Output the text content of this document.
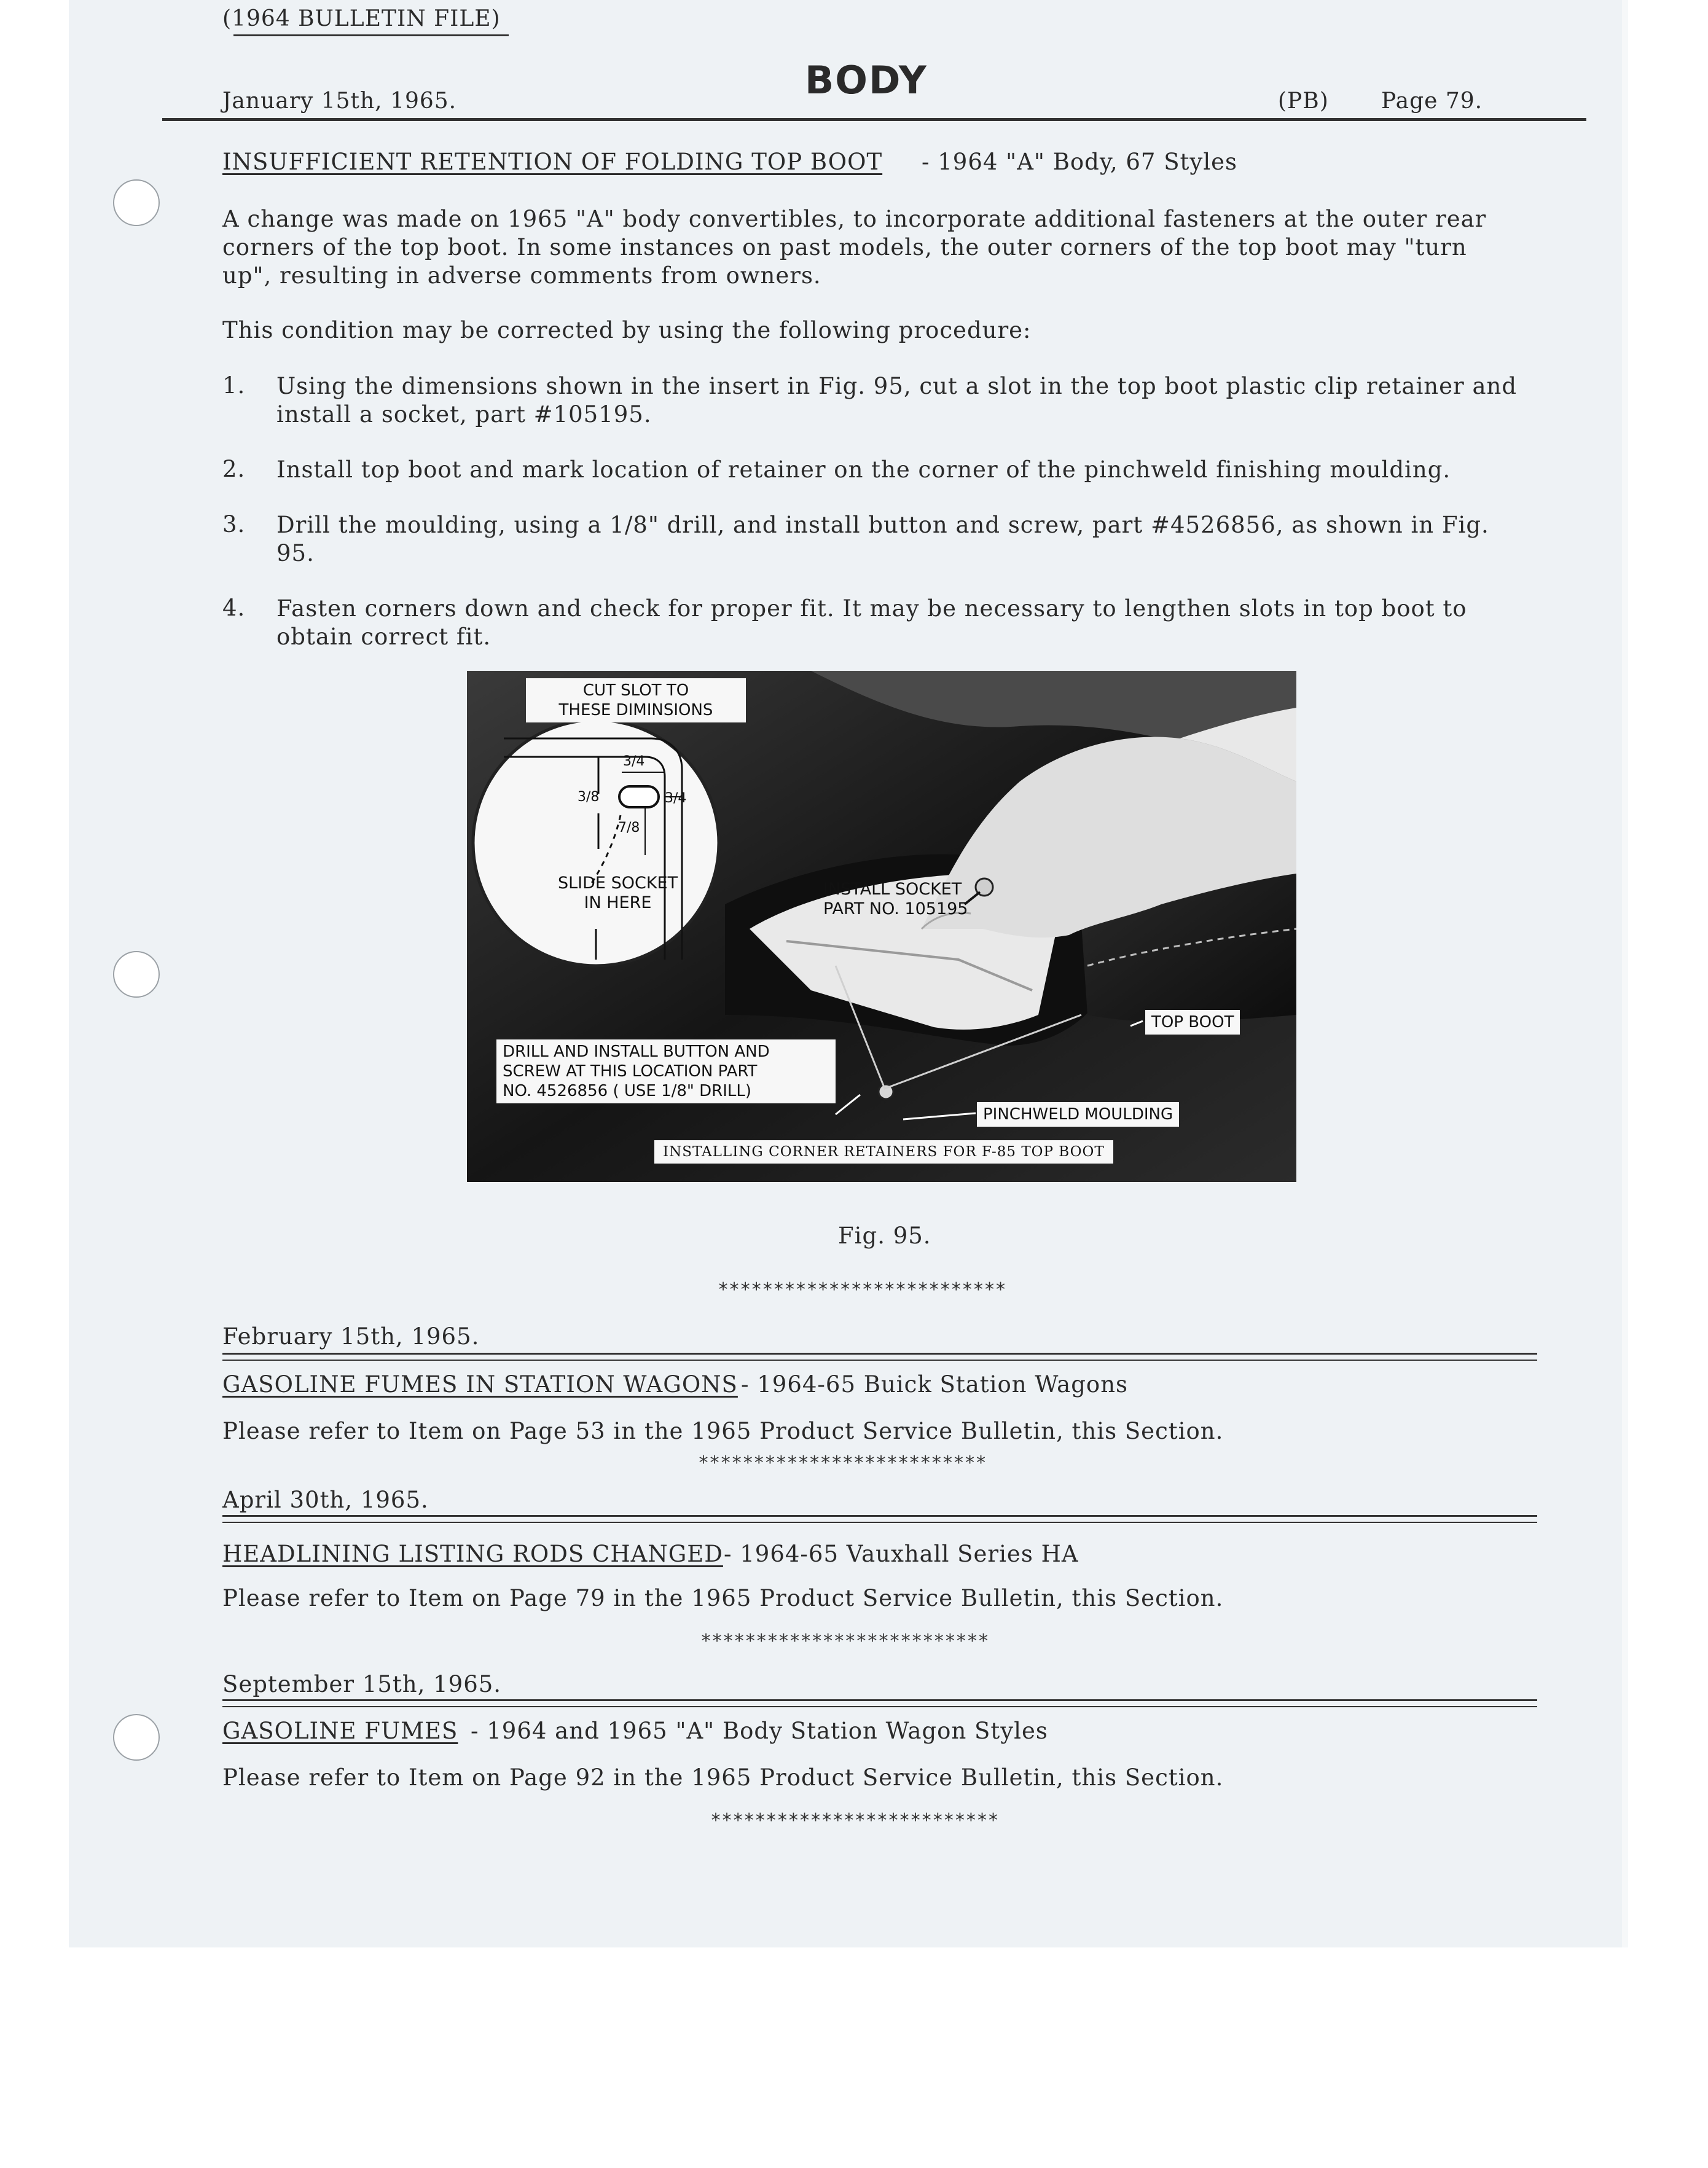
(1964 BULLETIN FILE)
January 15th, 1965.	BODY	(PB) Page 79.
INSUFFICIENT RETENTION OF FOLDING TOP BOOT - 1964 "A" Body, 67 Styles
A change was made on 1965 "A" body convertibles, to incorporate additional fasteners at the outer rear corners of the top boot. In some instances on past models, the outer corners of the top boot may "turn up", resulting in adverse comments from owners.
This condition may be corrected by using the following procedure:
1. Using the dimensions shown in the insert in Fig. 95, cut a slot in the top boot plastic clip retainer and install a socket, part #105195.
2. Install top boot and mark location of retainer on the corner of the pinchweld finishing moulding.
3. Drill the moulding, using a 1/8" drill, and install button and screw, part #4526856, as shown in Fig. 95.
4. Fasten corners down and check for proper fit. It may be necessary to lengthen slots in top boot to obtain correct fit.
CUT SLOT TO
THESE DIMINSIONS
3/4
3/8	3/4
7/8
SLIDE SOCKET
IN HERE
INSTALL SOCKET
PART NO. 105195
TOP BOOT
DRILL AND INSTALL BUTTON AND
SCREW AT THIS LOCATION PART
NO. 4526856 ( USE 1/8" DRILL)
PINCHWELD MOULDING
INSTALLING CORNER RETAINERS FOR F-85 TOP BOOT
Fig. 95.
**************************
February 15th, 1965.
GASOLINE FUMES IN STATION WAGONS - 1964-65 Buick Station Wagons
Please refer to Item on Page 53 in the 1965 Product Service Bulletin, this Section.
**************************
April 30th, 1965.
HEADLINING LISTING RODS CHANGED - 1964-65 Vauxhall Series HA
Please refer to Item on Page 79 in the 1965 Product Service Bulletin, this Section.
**************************
September 15th, 1965.
GASOLINE FUMES - 1964 and 1965 "A" Body Station Wagon Styles
Please refer to Item on Page 92 in the 1965 Product Service Bulletin, this Section.
**************************
